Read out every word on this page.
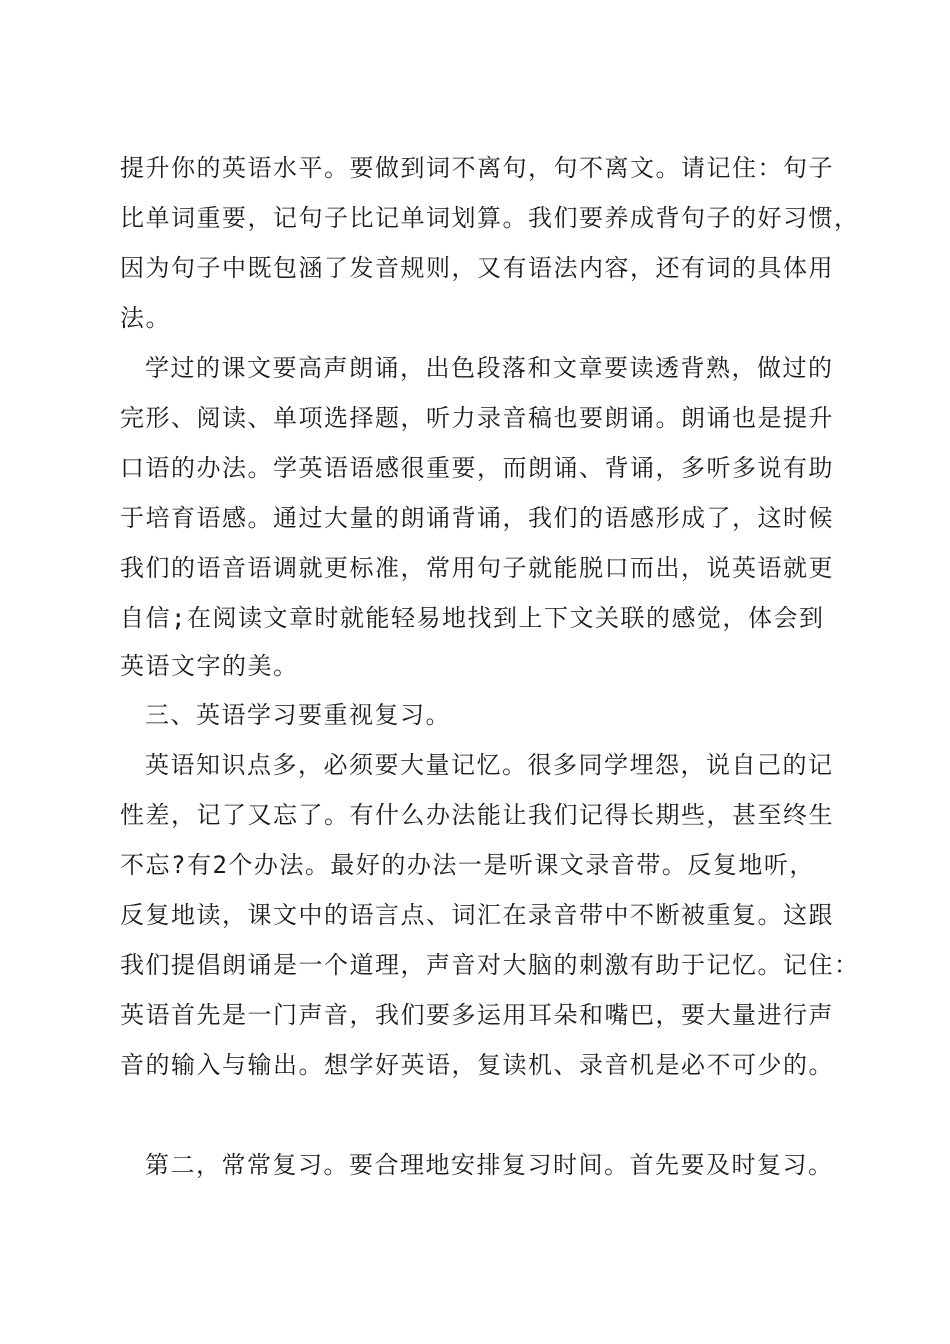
提升你的英语水平。要做到词不离句，句不离文。请记住：句子
比单词重要，记句子比记单词划算。我们要养成背句子的好习惯，
因为句子中既包涵了发音规则，又有语法内容，还有词的具体用
法。
学过的课文要高声朗诵，出色段落和文章要读透背熟，做过的
完形、阅读、单项选择题，听力录音稿也要朗诵。朗诵也是提升
口语的办法。学英语语感很重要，而朗诵、背诵，多听多说有助
于培育语感。通过大量的朗诵背诵，我们的语感形成了，这时候
我们的语音语调就更标准，常用句子就能脱口而出，说英语就更
自信;在阅读文章时就能轻易地找到上下文关联的感觉，体会到
英语文字的美。
三、英语学习要重视复习。
英语知识点多，必须要大量记忆。很多同学埋怨，说自己的记
性差，记了又忘了。有什么办法能让我们记得长期些，甚至终生
不忘?有2个办法。最好的办法一是听课文录音带。反复地听，
反复地读，课文中的语言点、词汇在录音带中不断被重复。这跟
我们提倡朗诵是一个道理，声音对大脑的刺激有助于记忆。记住：
英语首先是一门声音，我们要多运用耳朵和嘴巴，要大量进行声
音的输入与输出。想学好英语，复读机、录音机是必不可少的。
第二，常常复习。要合理地安排复习时间。首先要及时复习。
